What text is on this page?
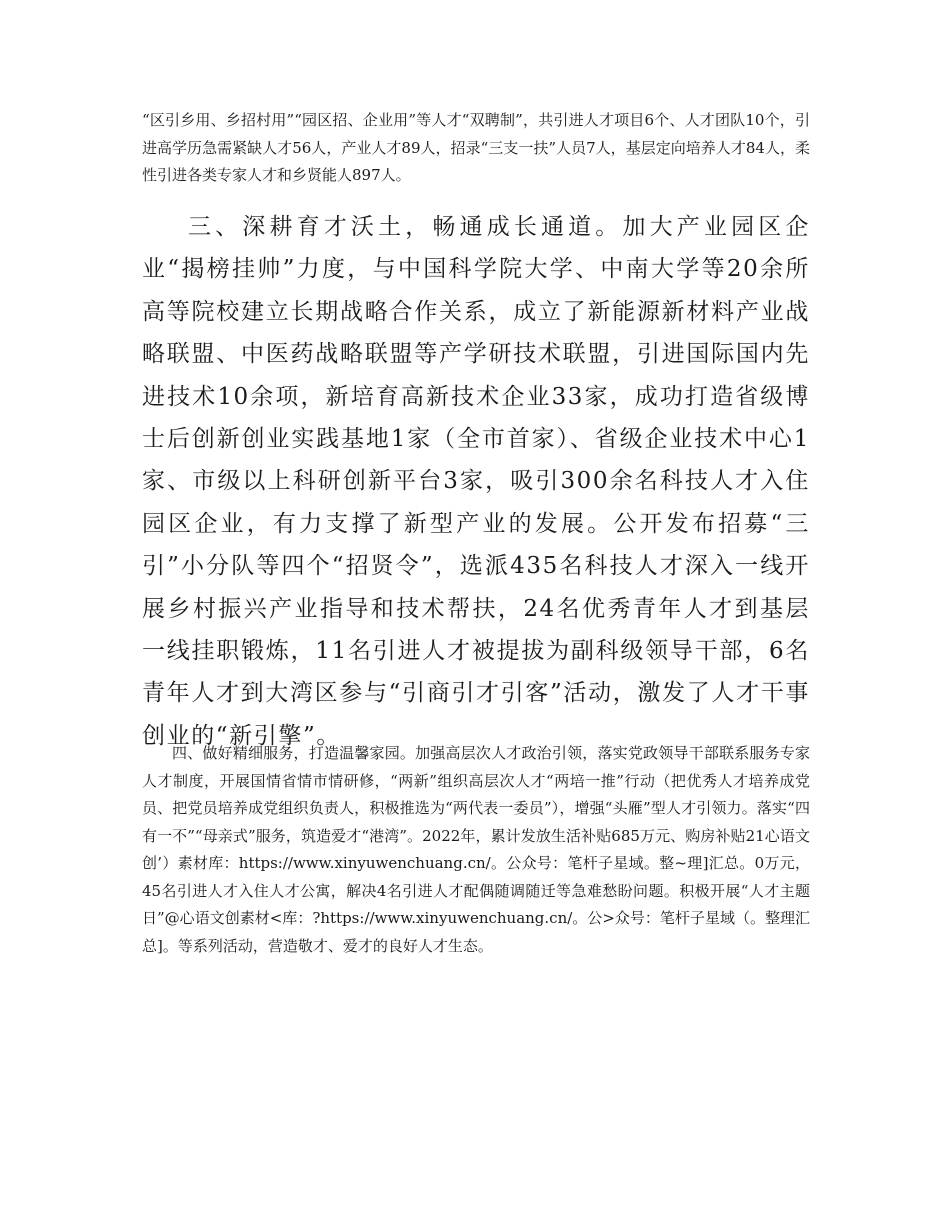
“区引乡用、乡招村用”“园区招、企业用”等人才“双聘制”，共引进人才项目6个、人才团队10个，引进高学历急需紧缺人才56人，产业人才89人，招录“三支一扶”人员7人，基层定向培养人才84人，柔性引进各类专家人才和乡贤能人897人。

三、深耕育才沃土，畅通成长通道。加大产业园区企业“揭榜挂帅”力度，与中国科学院大学、中南大学等20余所高等院校建立长期战略合作关系，成立了新能源新材料产业战略联盟、中医药战略联盟等产学研技术联盟，引进国际国内先进技术10余项，新培育高新技术企业33家，成功打造省级博士后创新创业实践基地1家（全市首家）、省级企业技术中心1家、市级以上科研创新平台3家，吸引300余名科技人才入住园区企业，有力支撑了新型产业的发展。公开发布招募“三引”小分队等四个“招贤令”，选派435名科技人才深入一线开展乡村振兴产业指导和技术帮扶，24名优秀青年人才到基层一线挂职锻炼，11名引进人才被提拔为副科级领导干部，6名青年人才到大湾区参与“引商引才引客”活动，激发了人才干事创业的“新引擎”。

四、做好精细服务，打造温馨家园。加强高层次人才政治引领，落实党政领导干部联系服务专家人才制度，开展国情省情市情研修，“两新”组织高层次人才“两培一推”行动（把优秀人才培养成党员、把党员培养成党组织负责人，积极推选为“两代表一委员”），增强“头雁”型人才引领力。落实“四有一不”“母亲式”服务，筑造爱才“港湾”。2022年，累计发放生活补贴685万元、购房补贴21心语文创’）素材库：https://www.xinyuwenchuang.cn/。公众号：笔杆子星域。整~理]汇总。0万元，45名引进人才入住人才公寓，解决4名引进人才配偶随调随迁等急难愁盼问题。积极开展“人才主题日”@心语文创素材<库：?https://www.xinyuwenchuang.cn/。公>众号：笔杆子星域（。整理汇总]。等系列活动，营造敬才、爱才的良好人才生态。
